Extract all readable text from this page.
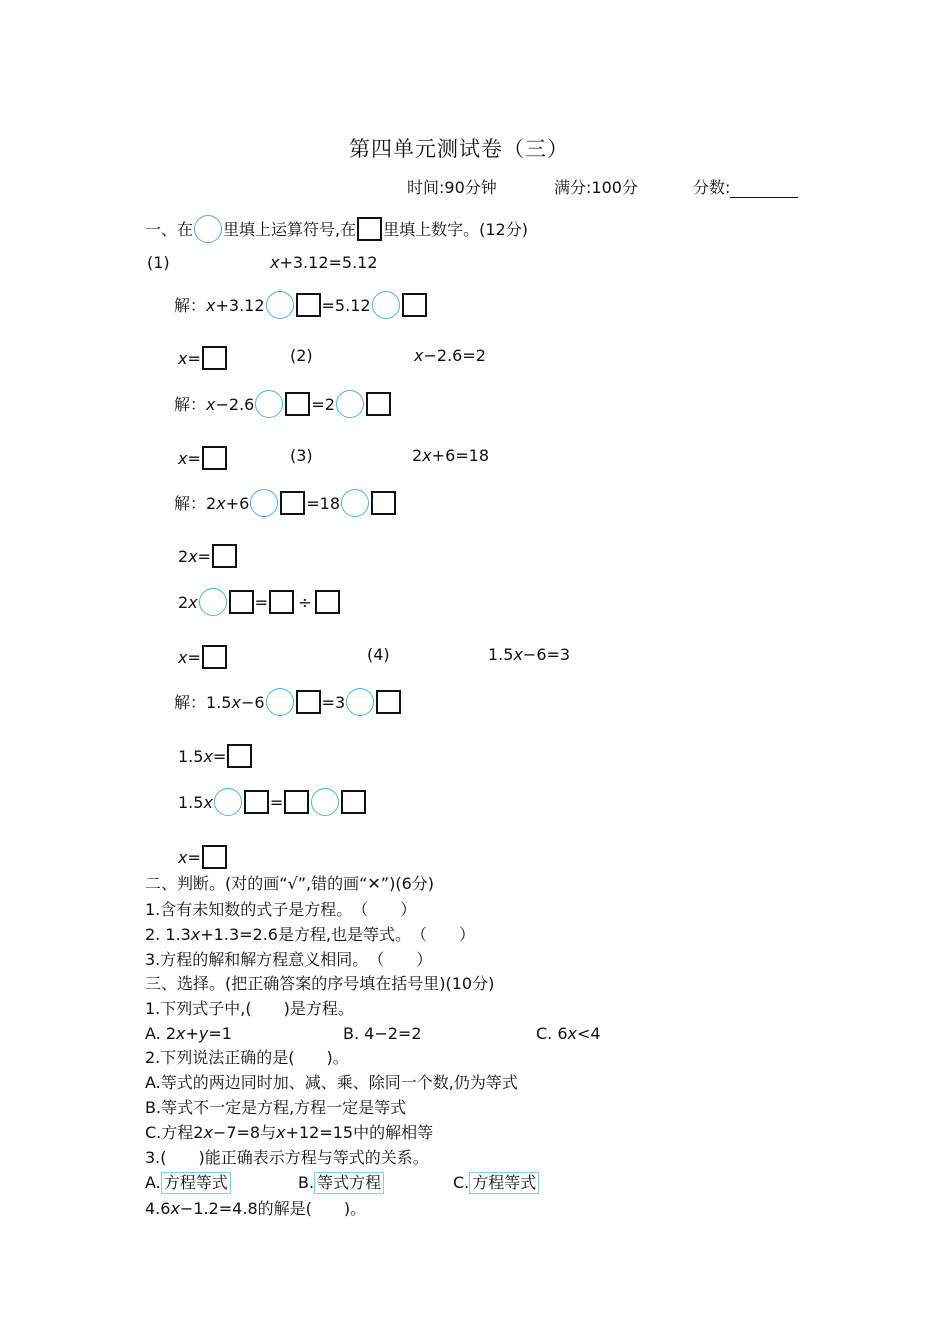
第四单元测试卷（三）
时间:90分钟	满分:100分	分数:
一、在 里填上运算符号,在 里填上数字。(12分)
(1)	x+3.12=5.12
解：x+3.12	=5.12
x=	(2)	x−2.6=2
解：x−2.6	=2
x=	(3)	2x+6=18
解：2x+6	=18
2x=
2x	= ÷
x=	(4)	1.5x−6=3
解：1.5x−6	=3
1.5x=
1.5x	=
x=
二、判断。(对的画“√”,错的画“✕”)(6分)
1.含有未知数的式子是方程。　（　　）
2. 1.3x+1.3=2.6是方程,也是等式。　（　　）
3.方程的解和解方程意义相同。　（　　）
三、选择。(把正确答案的序号填在括号里)(10分)
1.下列式子中,(　　)是方程。
A. 2x+y=1	B. 4−2=2	C. 6x<4
2.下列说法正确的是(　　)。
A.等式的两边同时加、减、乘、除同一个数,仍为等式
B.等式不一定是方程,方程一定是等式
C.方程2x−7=8与x+12=15中的解相等
3.(　　)能正确表示方程与等式的关系。
A. 方程等式	B. 等式方程	C. 方程等式
4.6x−1.2=4.8的解是(　　)。
